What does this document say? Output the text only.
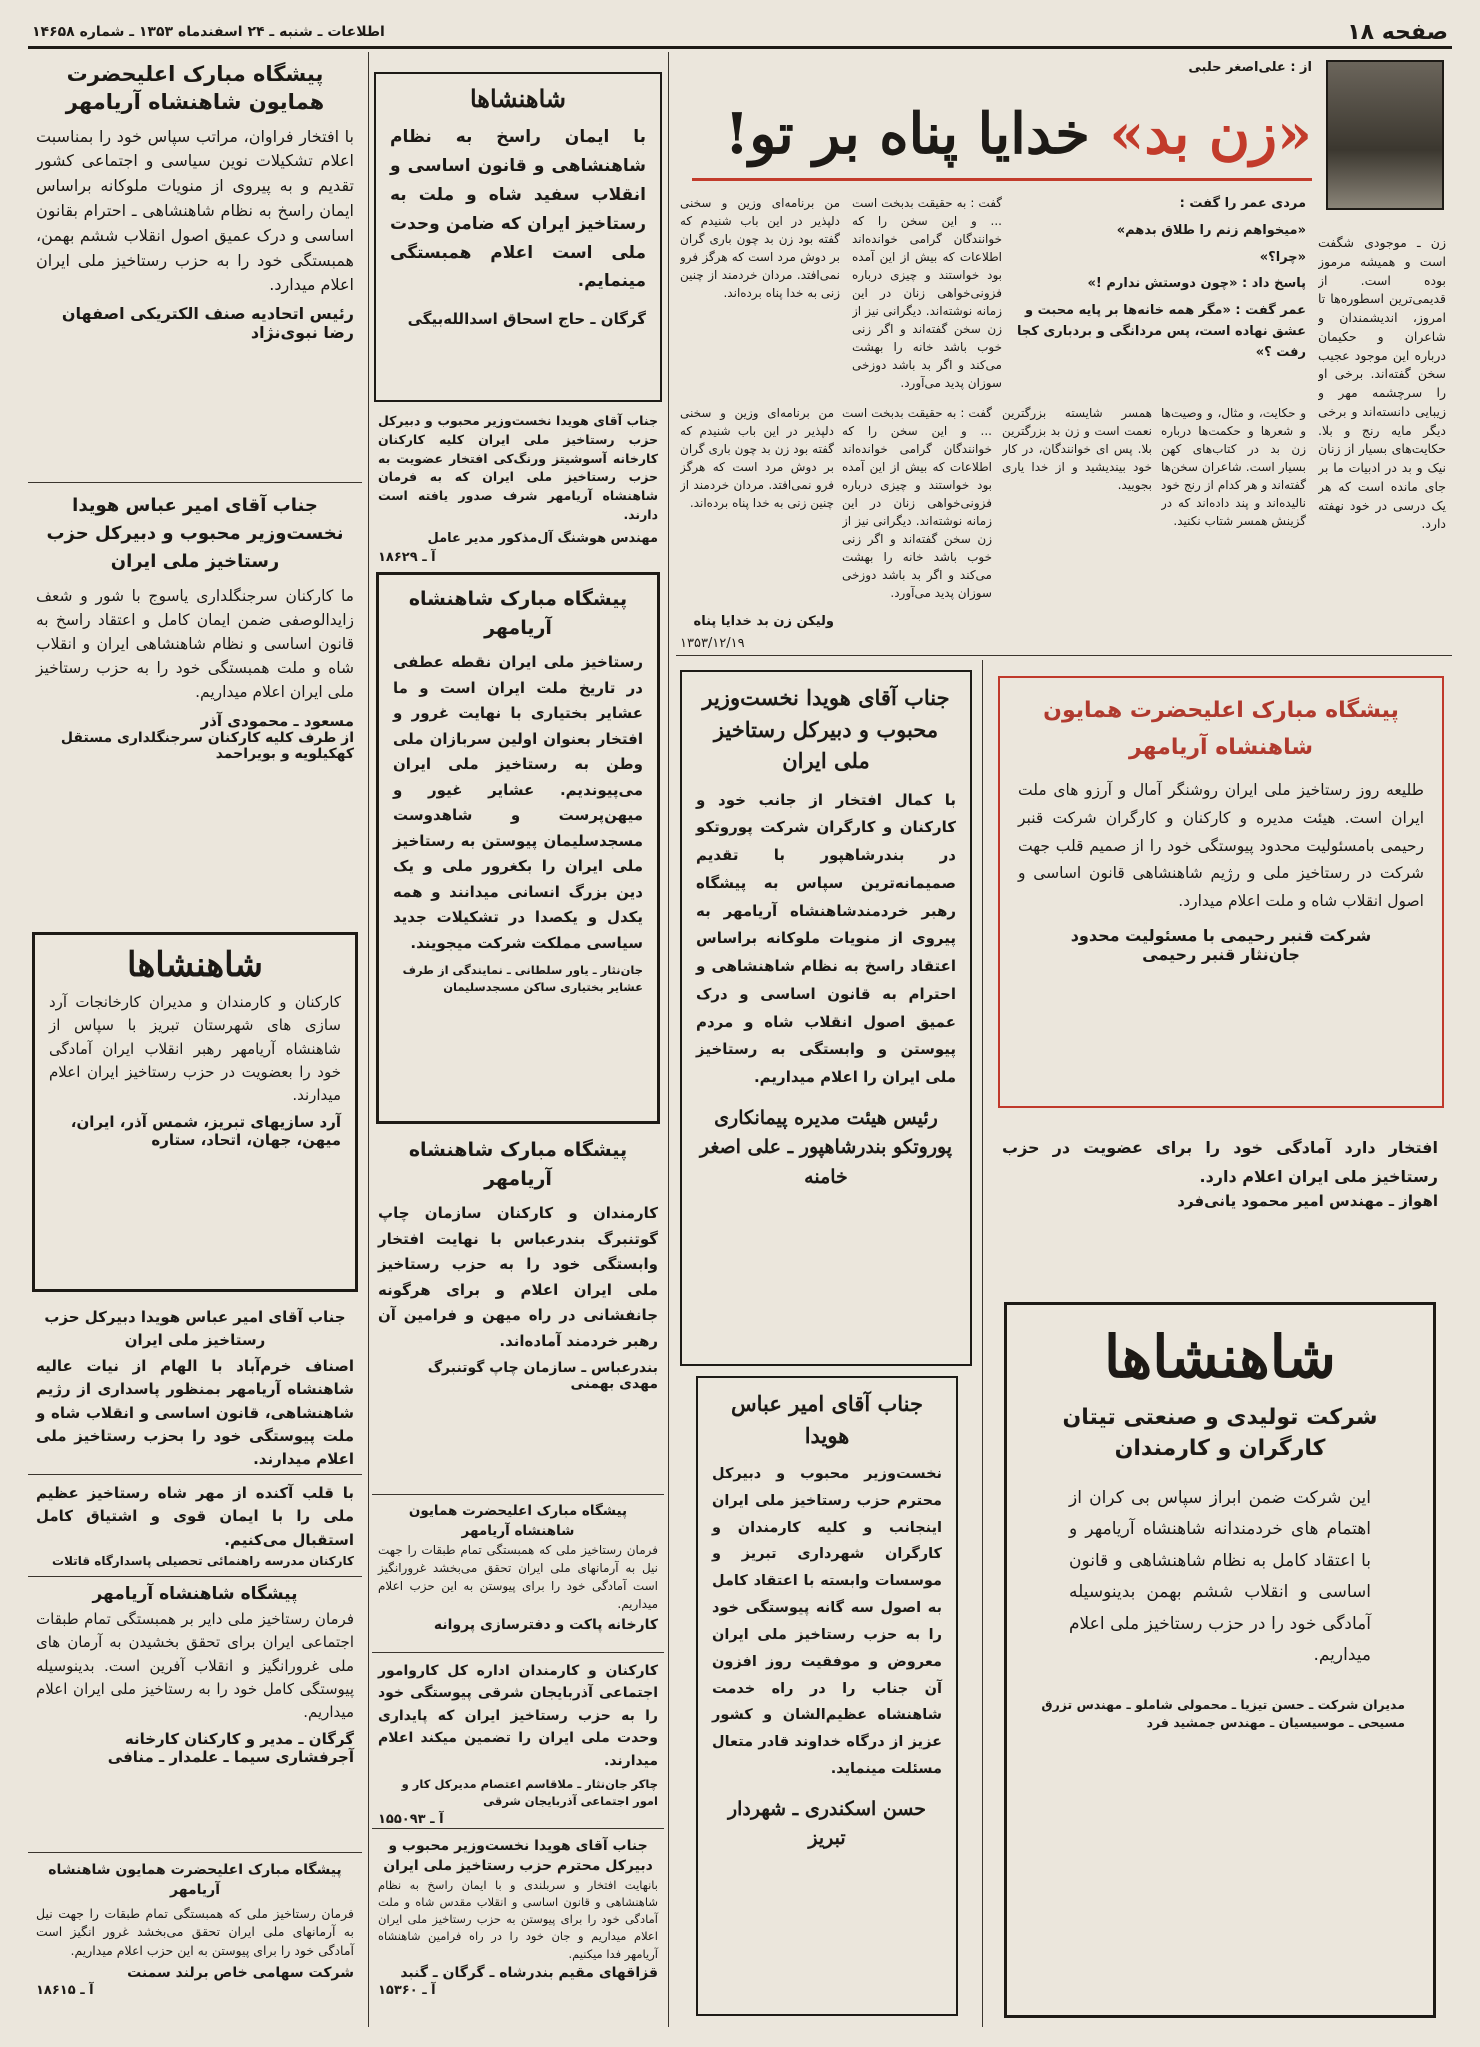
صفحه ۱۸
اطلاعات ـ شنبه ـ ۲۴ اسفندماه ۱۳۵۳ ـ شماره ۱۴۶۵۸
از : علی‌اصغر حلبی
«زن بد» خدایا پناه بر تو!
زن ـ موجودی شگفت است و همیشه مرموز بوده است. از قدیمی‌ترین اسطوره‌ها تا امروز، اندیشمندان و شاعران و حکیمان درباره این موجود عجیب سخن گفته‌اند. برخی او را سرچشمه مهر و زیبایی دانسته‌اند و برخی دیگر مایه رنج و بلا. حکایت‌های بسیار از زنان نیک و بد در ادبیات ما بر جای مانده است که هر یک درسی در خود نهفته دارد.

مردی عمر را گفت :

«میخواهم زنم را طلاق بدهم»

«چرا؟»

پاسخ داد : «چون دوستش ندارم !»

عمر گفت : «مگر همه خانه‌ها بر پایه محبت و عشق نهاده است، پس مردانگی و بردباری کجا رفت ؟»

گفت : به حقیقت بدبخت است ... و این سخن را که خوانندگان گرامی خوانده‌اند اطلاعات که بیش از این آمده بود خواستند و چیزی درباره فزونی‌خواهی زنان در این زمانه نوشته‌اند. دیگرانی نیز از زن سخن گفته‌اند و اگر زنی خوب باشد خانه را بهشت می‌کند و اگر بد باشد دوزخی سوزان پدید می‌آورد.
من برنامه‌ای وزین و سخنی دلپذیر در این باب شنیدم که گفته بود زن بد چون باری گران بر دوش مرد است که هرگز فرو نمی‌افتد. مردان خردمند از چنین زنی به خدا پناه برده‌اند.
و حکایت، و مثال، و وصیت‌ها و شعرها و حکمت‌ها درباره زن بد در کتاب‌های کهن بسیار است. شاعران سخن‌ها گفته‌اند و هر کدام از رنج خود نالیده‌اند و پند داده‌اند که در گزینش همسر شتاب نکنید.
همسر شایسته بزرگترین نعمت است و زن بد بزرگترین بلا. پس ای خوانندگان، در کار خود بیندیشید و از خدا یاری بجویید.
گفت : به حقیقت بدبخت است ... و این سخن را که خوانندگان گرامی خوانده‌اند اطلاعات که بیش از این آمده بود خواستند و چیزی درباره فزونی‌خواهی زنان در این زمانه نوشته‌اند. دیگرانی نیز از زن سخن گفته‌اند و اگر زنی خوب باشد خانه را بهشت می‌کند و اگر بد باشد دوزخی سوزان پدید می‌آورد.
من برنامه‌ای وزین و سخنی دلپذیر در این باب شنیدم که گفته بود زن بد چون باری گران بر دوش مرد است که هرگز فرو نمی‌افتد. مردان خردمند از چنین زنی به خدا پناه برده‌اند.
ولیکن زن بد خدایا پناه
۱۳۵۳/۱۲/۱۹
پیشگاه مبارک اعلیحضرت همایون شاهنشاه آریامهر
با افتخار فراوان، مراتب سپاس خود را بمناسبت اعلام تشکیلات نوین سیاسی و اجتماعی کشور تقدیم و به پیروی از منویات ملوکانه براساس ایمان راسخ به نظام شاهنشاهی ـ احترام بقانون اساسی و درک عمیق اصول انقلاب ششم بهمن، همبستگی خود را به حزب رستاخیز ملی ایران اعلام میدارد.
رئیس اتحادیه صنف الکتریکی اصفهان
رضا نبوی‌نژاد
جناب آقای امیر عباس هویدا نخست‌وزیر محبوب و دبیرکل حزب رستاخیز ملی ایران
ما کارکنان سرجنگلداری یاسوج با شور و شعف زایدالوصفی ضمن ایمان کامل و اعتقاد راسخ به قانون اساسی و نظام شاهنشاهی ایران و انقلاب شاه و ملت همبستگی خود را به حزب رستاخیز ملی ایران اعلام میداریم.
مسعود ـ محمودی آذر
از طرف کلیه کارکنان سرجنگلداری مستقل کهکیلویه و بویراحمد
شاهنشاها
کارکنان و کارمندان و مدیران کارخانجات آرد سازی های شهرستان تبریز با سپاس از شاهنشاه آریامهر رهبر انقلاب ایران آمادگی خود را بعضویت در حزب رستاخیز ایران اعلام میدارند.
آرد سازیهای تبریز، شمس آذر، ایران، میهن، جهان، اتحاد، ستاره
جناب آقای امیر عباس هویدا دبیرکل حزب رستاخیز ملی ایران
اصناف خرم‌آباد با الهام از نیات عالیه شاهنشاه آریامهر بمنظور پاسداری از رژیم شاهنشاهی، قانون اساسی و انقلاب شاه و ملت پیوستگی خود را بحزب رستاخیز ملی اعلام میدارند.
با قلب آکنده از مهر شاه رستاخیز عظیم ملی را با ایمان قوی و اشتیاق کامل استقبال می‌کنیم.
کارکنان مدرسه راهنمائی تحصیلی پاسدارگاه قاتلات
پیشگاه شاهنشاه آریامهر
فرمان رستاخیز ملی دایر بر همبستگی تمام طبقات اجتماعی ایران برای تحقق بخشیدن به آرمان های ملی غرورانگیز و انقلاب آفرین است. بدینوسیله پیوستگی کامل خود را به رستاخیز ملی ایران اعلام میداریم.
گرگان ـ مدیر و کارکنان کارخانه
آجرفشاری سیما ـ علمدار ـ منافی
پیشگاه مبارک اعلیحضرت همایون شاهنشاه آریامهر
فرمان رستاخیز ملی که همبستگی تمام طبقات را جهت نیل به آرمانهای ملی ایران تحقق می‌بخشد غرور انگیز است آمادگی خود را برای پیوستن به این حزب اعلام میداریم.
شرکت سهامی خاص برلند سمنت
آ ـ ۱۸۶۱۵
شاهنشاها
با ایمان راسخ به نظام شاهنشاهی و قانون اساسی و انقلاب سفید شاه و ملت به رستاخیز ایران که ضامن وحدت ملی است اعلام همبستگی مینمایم.
گرگان ـ حاج اسحاق اسدالله‌بیگی
جناب آقای هویدا نخست‌وزیر محبوب و دبیرکل حزب رستاخیز ملی ایران کلیه کارکنان کارخانه آسوشیتز ورنگ‌کی افتخار عضویت به حزب رستاخیز ملی ایران که به فرمان شاهنشاه آریامهر شرف صدور یافته است دارند.
مهندس هوشنگ آل‌مذکور مدیر عامل
آ ـ ۱۸۶۲۹
پیشگاه مبارک شاهنشاه آریامهر
رستاخیز ملی ایران نقطه عطفی در تاریخ ملت ایران است و ما عشایر بختیاری با نهایت غرور و افتخار بعنوان اولین سربازان ملی وطن به رستاخیز ملی ایران می‌پیوندیم. عشایر غیور و میهن‌پرست و شاهدوست مسجدسلیمان پیوستن به رستاخیز ملی ایران را بکغرور ملی و یک دین بزرگ انسانی میدانند و همه یکدل و یکصدا در تشکیلات جدید سیاسی مملکت شرکت میجویند.
جان‌نثار ـ یاور سلطانی ـ نمایندگی از طرف عشایر بختیاری ساکن مسجدسلیمان
پیشگاه مبارک شاهنشاه آریامهر
کارمندان و کارکنان سازمان چاپ گوتنبرگ بندرعباس با نهایت افتخار وابستگی خود را به حزب رستاخیز ملی ایران اعلام و برای هرگونه جانفشانی در راه میهن و فرامین آن رهبر خردمند آماده‌اند.
بندرعباس ـ سازمان چاپ گوتنبرگ
مهدی بهمنی
پیشگاه مبارک اعلیحضرت همایون شاهنشاه آریامهر
فرمان رستاخیز ملی که همبستگی تمام طبقات را جهت نیل به آرمانهای ملی ایران تحقق می‌بخشد غرورانگیز است آمادگی خود را برای پیوستن به این حزب اعلام میداریم.
کارخانه پاکت و دفترسازی پروانه
کارکنان و کارمندان اداره کل کاروامور اجتماعی آذربایجان شرقی پیوستگی خود را به حزب رستاخیز ایران که پایداری وحدت ملی ایران را تضمین میکند اعلام میدارند.
چاکر جان‌نثار ـ ملاقاسم اعتصام مدیرکل کار و امور اجتماعی آذربایجان شرقی
آ ـ ۱۵۵۰۹۳
جناب آقای هویدا نخست‌وزیر محبوب و دبیرکل محترم حزب رستاخیز ملی ایران
بانهایت افتخار و سربلندی و با ایمان راسخ به نظام شاهنشاهی و قانون اساسی و انقلاب مقدس شاه و ملت آمادگی خود را برای پیوستن به حزب رستاخیز ملی ایران اعلام میداریم و جان خود را در راه فرامین شاهنشاه آریامهر فدا میکنیم.
قزاقهای مقیم بندرشاه ـ گرگان ـ گنبد
آ ـ ۱۵۳۶۰
جناب آقای هویدا نخست‌وزیر محبوب و دبیرکل رستاخیز ملی ایران
با کمال افتخار از جانب خود و کارکنان و کارگران شرکت پوروتکو در بندرشاهپور با تقدیم صمیمانه‌ترین سپاس به پیشگاه رهبر خردمندشاهنشاه آریامهر به پیروی از منویات ملوکانه براساس اعتقاد راسخ به نظام شاهنشاهی و احترام به قانون اساسی و درک عمیق اصول انقلاب شاه و مردم پیوستن و وابستگی به رستاخیز ملی ایران را اعلام میداریم.
رئیس هیئت مدیره پیمانکاری پوروتکو بندرشاهپور ـ علی اصغر خامنه
جناب آقای امیر عباس هویدا
نخست‌وزیر محبوب و دبیرکل محترم حزب رستاخیز ملی ایران اینجانب و کلیه کارمندان و کارگران شهرداری تبریز و موسسات وابسته با اعتقاد کامل به اصول سه گانه پیوستگی خود را به حزب رستاخیز ملی ایران معروض و موفقیت روز افزون آن جناب را در راه خدمت شاهنشاه عظیم‌الشان و کشور عزیز از درگاه خداوند قادر متعال مسئلت مینماید.
حسن اسکندری ـ شهردار تبریز
پیشگاه مبارک اعلیحضرت همایون شاهنشاه آریامهر
طلیعه روز رستاخیز ملی ایران روشنگر آمال و آرزو های ملت ایران است. هیئت مدیره و کارکنان و کارگران شرکت قنبر رحیمی بامسئولیت محدود پیوستگی خود را از صمیم قلب جهت شرکت در رستاخیز ملی و رژیم شاهنشاهی قانون اساسی و اصول انقلاب شاه و ملت اعلام میدارد.
شرکت قنبر رحیمی با مسئولیت محدود
جان‌نثار قنبر رحیمی
افتخار دارد آمادگی خود را برای عضویت در حزب رستاخیز ملی ایران اعلام دارد.
اهواز ـ مهندس امیر محمود یانی‌فرد
شاهنشاها
شرکت تولیدی و صنعتی تیتان
کارگران و کارمندان
این شرکت ضمن ابراز سپاس بی کران از اهتمام های خردمندانه شاهنشاه آریامهر و با اعتقاد کامل به نظام شاهنشاهی و قانون اساسی و انقلاب ششم بهمن بدینوسیله آمادگی خود را در حزب رستاخیز ملی اعلام میداریم.
مدیران شرکت ـ حسن تیزیا ـ محمولی شاملو ـ مهندس تزرق مسیحی ـ موسیسیان ـ مهندس جمشید فرد
